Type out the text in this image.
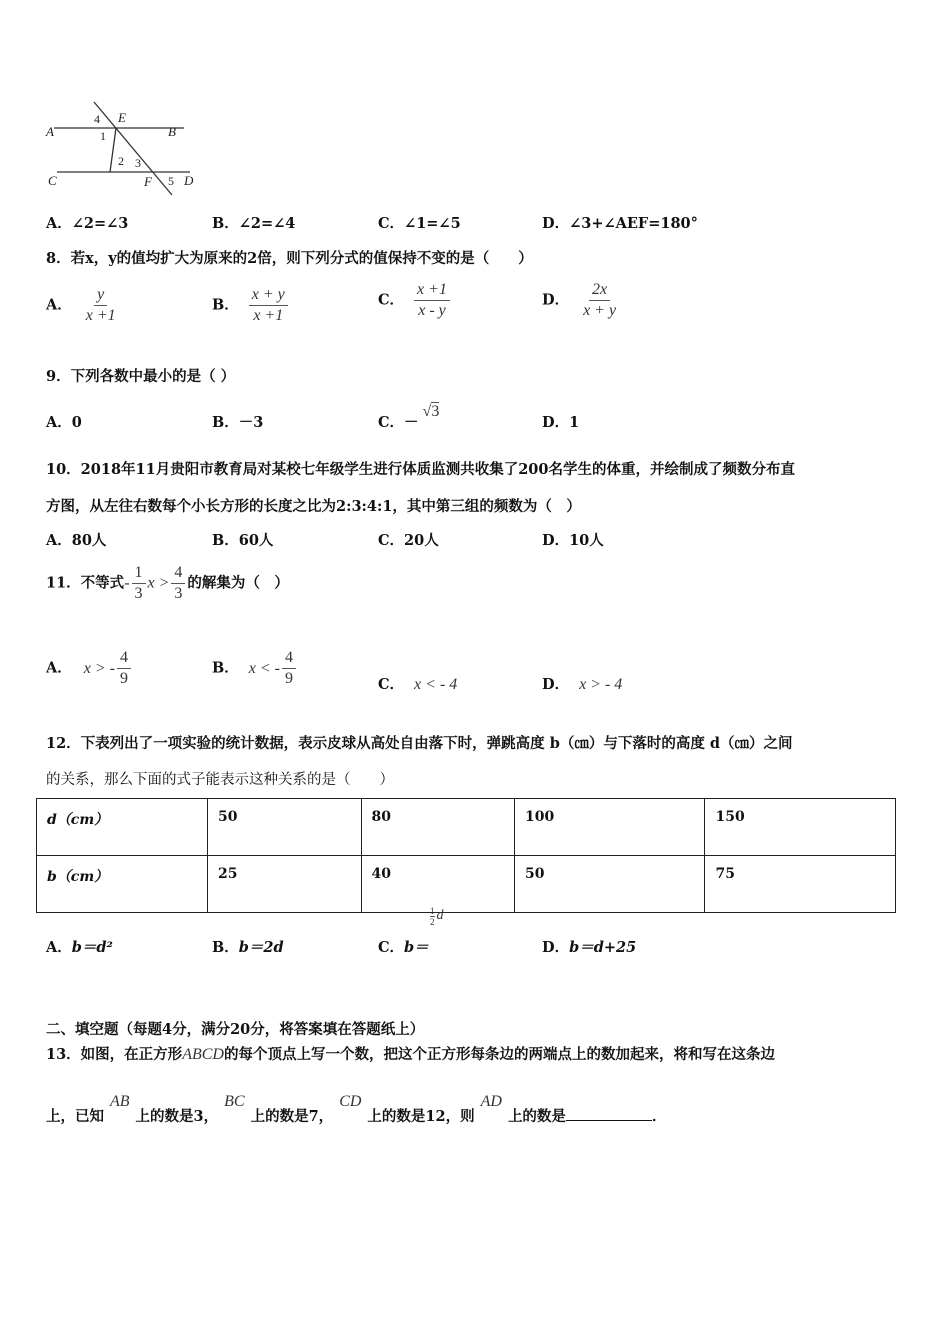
A	B
C	D
E
F
1
2 3
4
5
A．∠2=∠3	B．∠2=∠4	C．∠1=∠5	D．∠3+∠AEF=180°
8．若x，y的值均扩大为原来的2倍，则下列分式的值保持不变的是（　　）
A． $\frac{y}{x +1}$	B． $\frac{x + y}{x +1}$	C． $\frac{x +1}{x - y}$	D． $\frac{2x}{x + y}$
9．下列各数中最小的是（ ）
A．0	B．－3	C．－√3
D．1
10．2018年11月贵阳市教育局对某校七年级学生进行体质监测共收集了200名学生的体重，并绘制成了频数分布直
方图，从左往右数每个小长方形的长度之比为2:3:4:1，其中第三组的频数为（　）
A．80人	B．60人	C．20人	D．10人
11．不等式- $\frac{1}{3}$ $x > \frac{4}{3}$ 的解集为（　）
A． x > - $\frac{4}{9}$	B． x < - $\frac{4}{9}$	C． x < - 4	D． x > - 4
12．下表列出了一项实验的统计数据，表示皮球从高处自由落下时，弹跳高度 b（㎝）与下落时的高度 d（㎝）之间
的关系，那么下面的式子能表示这种关系的是（　　）
d（cm）	50	80	100	150
b（cm）	25	40	50	75
A．b＝d²	B．b＝2d	C．b＝
$\frac{1}{2}$ d
D．b＝d+25
二、填空题（每题4分，满分20分，将答案填在答题纸上）
13．如图，在正方形ABCD的每个顶点上写一个数，把这个正方形每条边的两端点上的数加起来，将和写在这条边
上，已知AB上的数是3，BC上的数是7，CD上的数是12，则AD上的数是	．
